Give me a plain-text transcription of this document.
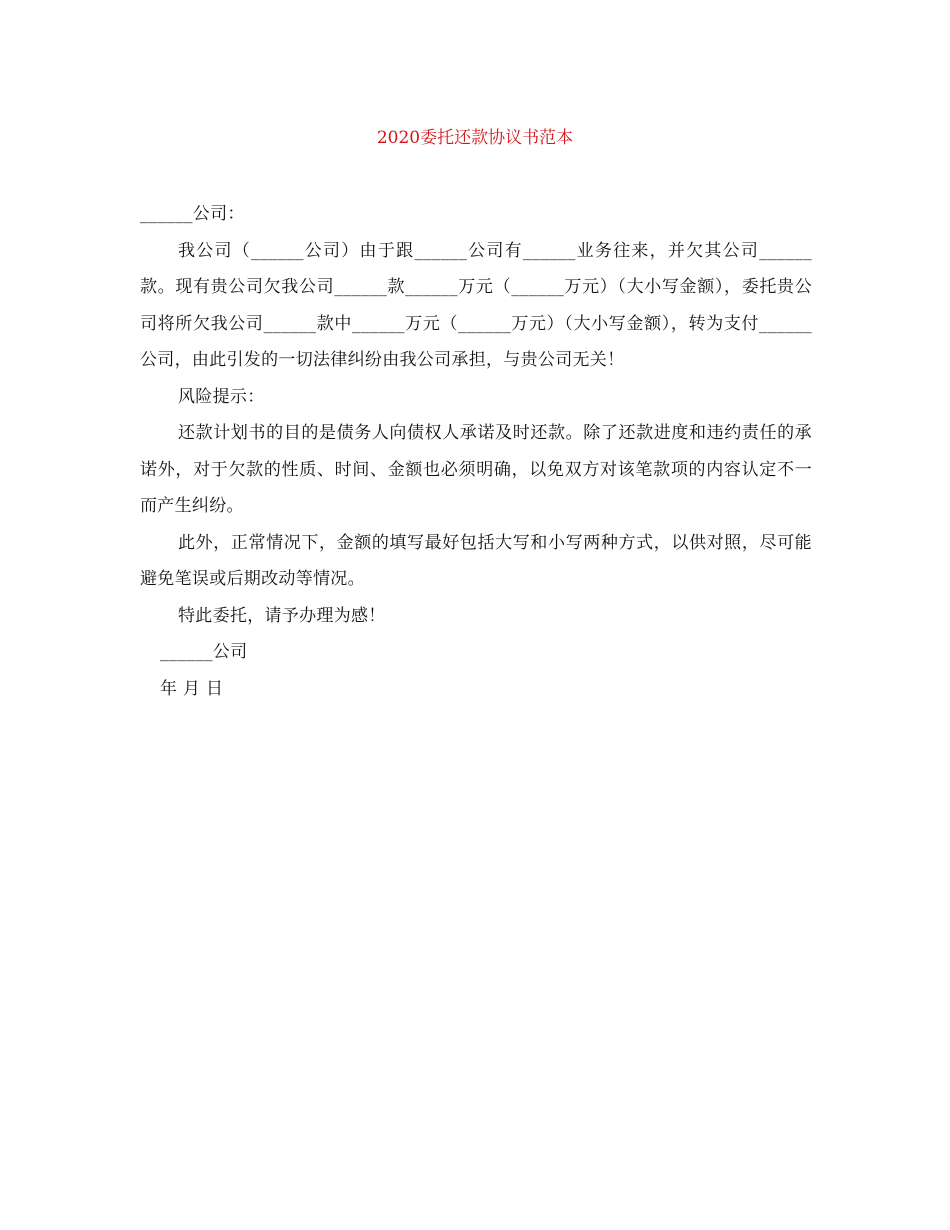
2020委托还款协议书范本

______公司：

我公司（______公司）由于跟______公司有______业务往来，并欠其公司______款。现有贵公司欠我公司______款______万元（______万元）（大小写金额），委托贵公司将所欠我公司______款中______万元（______万元）（大小写金额），转为支付______公司，由此引发的一切法律纠纷由我公司承担，与贵公司无关！

风险提示：

还款计划书的目的是债务人向债权人承诺及时还款。除了还款进度和违约责任的承诺外，对于欠款的性质、时间、金额也必须明确，以免双方对该笔款项的内容认定不一而产生纠纷。

此外，正常情况下，金额的填写最好包括大写和小写两种方式，以供对照，尽可能避免笔误或后期改动等情况。

特此委托，请予办理为感！

______公司

年 月 日
